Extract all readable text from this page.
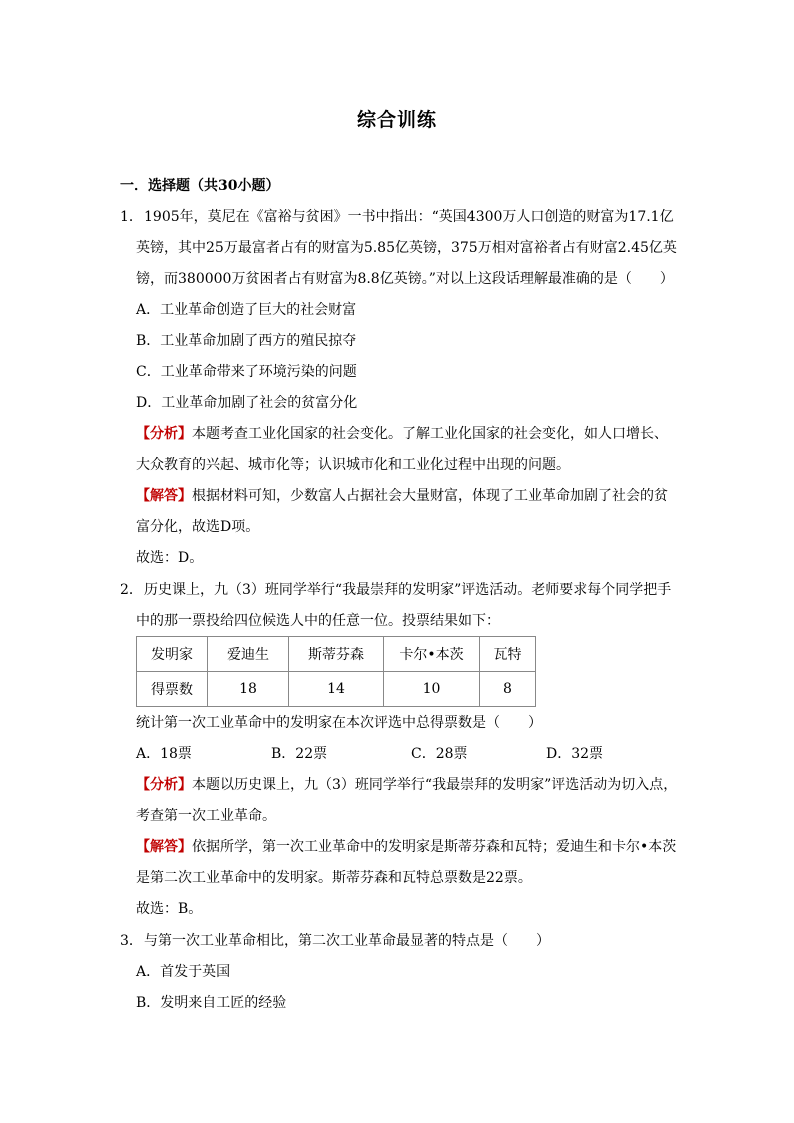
综合训练
一．选择题（共30小题）
1． 1905年，莫尼在《富裕与贫困》一书中指出：“英国4300万人口创造的财富为17.1亿
英镑，其中25万最富者占有的财富为5.85亿英镑，375万相对富裕者占有财富2.45亿英
镑，而380000万贫困者占有财富为8.8亿英镑。”对以上这段话理解最准确的是（　　）
A．工业革命创造了巨大的社会财富
B．工业革命加剧了西方的殖民掠夺
C．工业革命带来了环境污染的问题
D．工业革命加剧了社会的贫富分化
【分析】本题考查工业化国家的社会变化。了解工业化国家的社会变化，如人口增长、
大众教育的兴起、城市化等；认识城市化和工业化过程中出现的问题。
【解答】根据材料可知，少数富人占据社会大量财富，体现了工业革命加剧了社会的贫
富分化，故选D项。
故选：D。
2． 历史课上，九（3）班同学举行“我最崇拜的发明家”评选活动。老师要求每个同学把手
中的那一票投给四位候选人中的任意一位。投票结果如下：
发明家	爱迪生	斯蒂芬森	卡尔•本茨	瓦特
得票数	18	14	10	8
统计第一次工业革命中的发明家在本次评选中总得票数是（　　）
A．18票	B．22票	C．28票	D．32票
【分析】本题以历史课上，九（3）班同学举行“我最崇拜的发明家”评选活动为切入点，
考查第一次工业革命。
【解答】依据所学，第一次工业革命中的发明家是斯蒂芬森和瓦特；爱迪生和卡尔•本茨
是第二次工业革命中的发明家。斯蒂芬森和瓦特总票数是22票。
故选：B。
3． 与第一次工业革命相比，第二次工业革命最显著的特点是（　　）
A．首发于英国
B．发明来自工匠的经验
